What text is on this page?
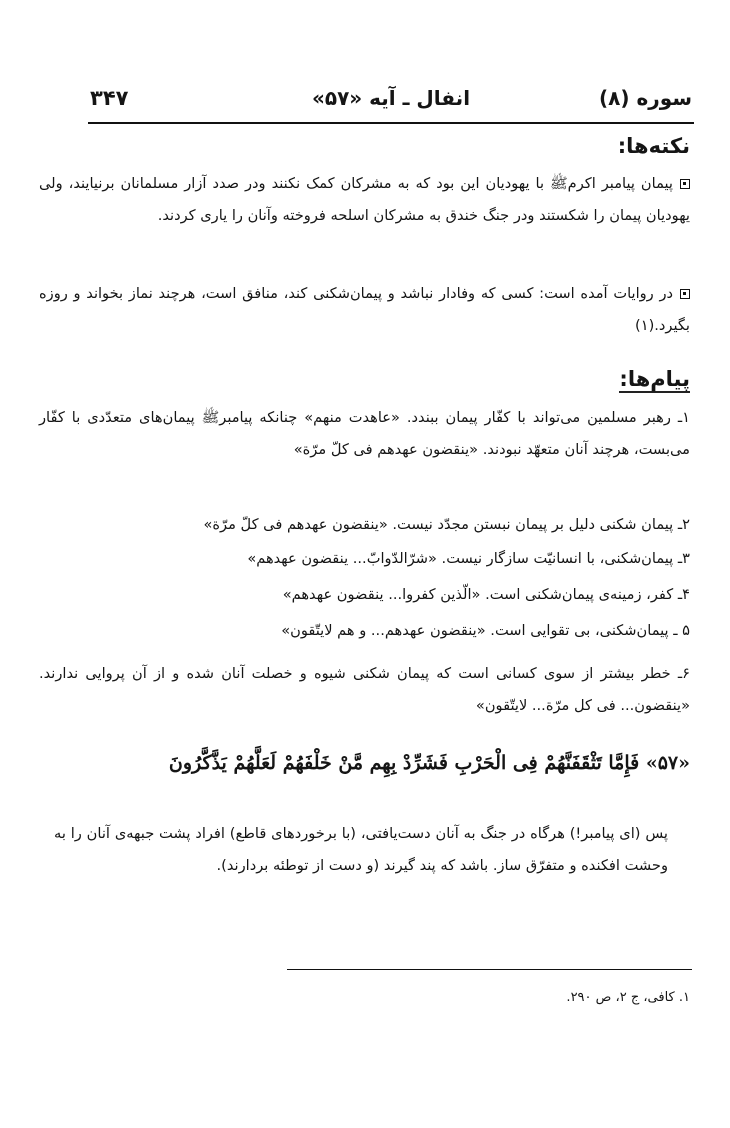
سوره (۸)
انفال ـ آیه «۵۷»
۳۴۷
نکته‌ها:
پیمان پیامبر اکرمﷺ با یهودیان این بود که به مشرکان کمک نکنند ودر صدد آزار مسلمانان برنیایند، ولی یهودیان پیمان را شکستند ودر جنگ خندق به مشرکان اسلحه فروخته وآنان را یاری کردند.
در روایات آمده است: کسی که وفادار نباشد و پیمان‌شکنی کند، منافق است، هرچند نماز بخواند و روزه بگیرد.(۱)
پیام‌ها:
۱ـ رهبر مسلمین می‌تواند با کفّار پیمان ببندد. «عاهدت منهم» چنانکه پیامبرﷺ پیمان‌های متعدّدی با کفّار می‌بست، هرچند آنان متعهّد نبودند. «ینقضون عهدهم فی کلّ مرّة»
۲ـ پیمان شکنی دلیل بر پیمان نبستن مجدّد نیست. «ینقضون عهدهم فی کلّ مرّة»
۳ـ پیمان‌شکنی، با انسانیّت سازگار نیست. «شرّالدّوابّ... ینقضون عهدهم»
۴ـ کفر، زمینه‌ی پیمان‌شکنی است. «الّذین کفروا... ینقضون عهدهم»
۵ ـ پیمان‌شکنی، بی تقوایی است. «ینقضون عهدهم... و هم لایتّقون»
۶ـ خطر بیشتر از سوی کسانی است که پیمان شکنی شیوه و خصلت آنان شده و از آن پروایی ندارند. «ینقضون... فی کل مرّة... لایتّقون»
«۵۷» فَإِمَّا تَثْقَفَنَّهُمْ فِی الْحَرْبِ فَشَرِّدْ بِهِم مَّنْ خَلْفَهُمْ لَعَلَّهُمْ یَذَّکَّرُونَ
پس (ای پیامبر!) هرگاه در جنگ به آنان دست‌یافتی، (با برخوردهای قاطع) افراد پشت جبهه‌ی آنان را به وحشت افکنده و متفرّق ساز. باشد که پند گیرند (و دست از توطئه بردارند).
۱. کافی، ج ۲، ص ۲۹۰.
